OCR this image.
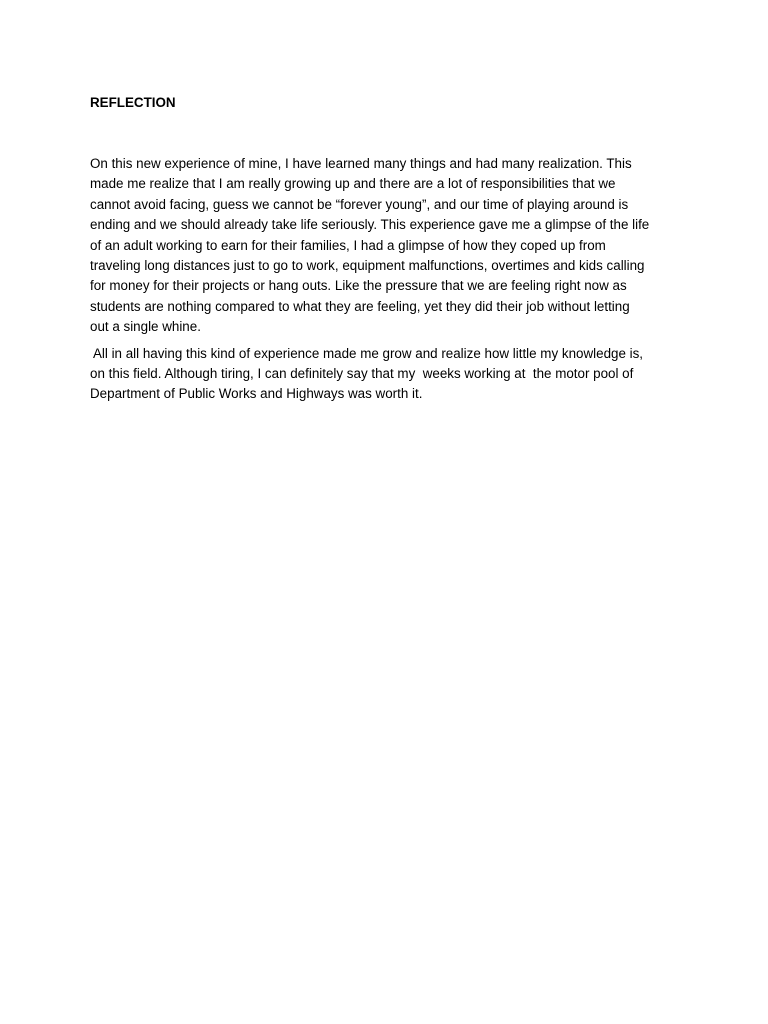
REFLECTION

On this new experience of mine, I have learned many things and had many realization. This
made me realize that I am really growing up and there are a lot of responsibilities that we
cannot avoid facing, guess we cannot be “forever young”, and our time of playing around is
ending and we should already take life seriously. This experience gave me a glimpse of the life
of an adult working to earn for their families, I had a glimpse of how they coped up from
traveling long distances just to go to work, equipment malfunctions, overtimes and kids calling
for money for their projects or hang outs. Like the pressure that we are feeling right now as
students are nothing compared to what they are feeling, yet they did their job without letting
out a single whine.

All in all having this kind of experience made me grow and realize how little my knowledge is,
on this field. Although tiring, I can definitely say that my  weeks working at  the motor pool of
Department of Public Works and Highways was worth it.
